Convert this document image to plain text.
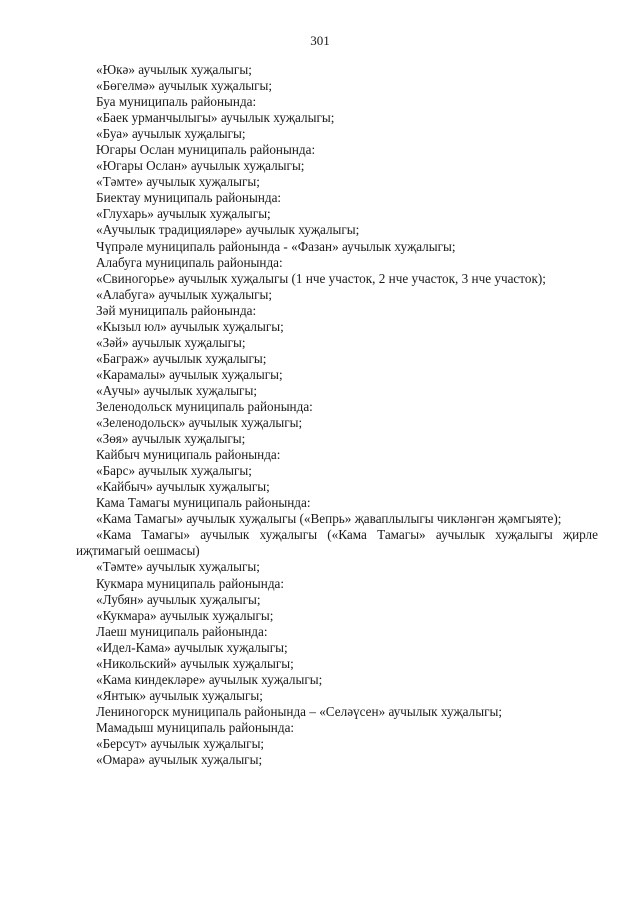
301
«Юкә» аучылык хуҗалыгы;
«Бөгелмә» аучылык хуҗалыгы;
Буа муниципаль районында:
«Баек урманчылыгы» аучылык хуҗалыгы;
«Буа» аучылык хуҗалыгы;
Югары Ослан муниципаль районында:
«Югары Ослан» аучылык хуҗалыгы;
«Тәмте» аучылык хуҗалыгы;
Биектау муниципаль районында:
«Глухарь» аучылык хуҗалыгы;
«Аучылык традицияләре» аучылык хуҗалыгы;
Чүпрәле муниципаль районында - «Фазан» аучылык хуҗалыгы;
Алабуга муниципаль районында:
«Свиногорье» аучылык хуҗалыгы (1 нче участок, 2 нче участок, 3 нче участок);
«Алабуга» аучылык хуҗалыгы;
Зәй муниципаль районында:
«Кызыл юл» аучылык хуҗалыгы;
«Зәй» аучылык хуҗалыгы;
«Баграж» аучылык хуҗалыгы;
«Карамалы» аучылык хуҗалыгы;
«Аучы» аучылык хуҗалыгы;
Зеленодольск муниципаль районында:
«Зеленодольск» аучылык хуҗалыгы;
«Зөя» аучылык хуҗалыгы;
Кайбыч муниципаль районында:
«Барс» аучылык хуҗалыгы;
«Кайбыч» аучылык хуҗалыгы;
Кама Тамагы муниципаль районында:
«Кама Тамагы» аучылык хуҗалыгы («Вепрь» җаваплылыгы чикләнгән җәмгыяте);
«Кама Тамагы» аучылык хуҗалыгы («Кама Тамагы» аучылык хуҗалыгы җирле иҗтимагый оешмасы)
«Тәмте» аучылык хуҗалыгы;
Кукмара муниципаль районында:
«Лубян» аучылык хуҗалыгы;
«Кукмара» аучылык хуҗалыгы;
Лаеш муниципаль районында:
«Идел-Кама» аучылык хуҗалыгы;
«Никольский» аучылык хуҗалыгы;
«Кама киндекләре» аучылык хуҗалыгы;
«Янтык» аучылык хуҗалыгы;
Лениногорск муниципаль районында – «Селәүсен» аучылык хуҗалыгы;
Мамадыш муниципаль районында:
«Берсут» аучылык хуҗалыгы;
«Омара» аучылык хуҗалыгы;
